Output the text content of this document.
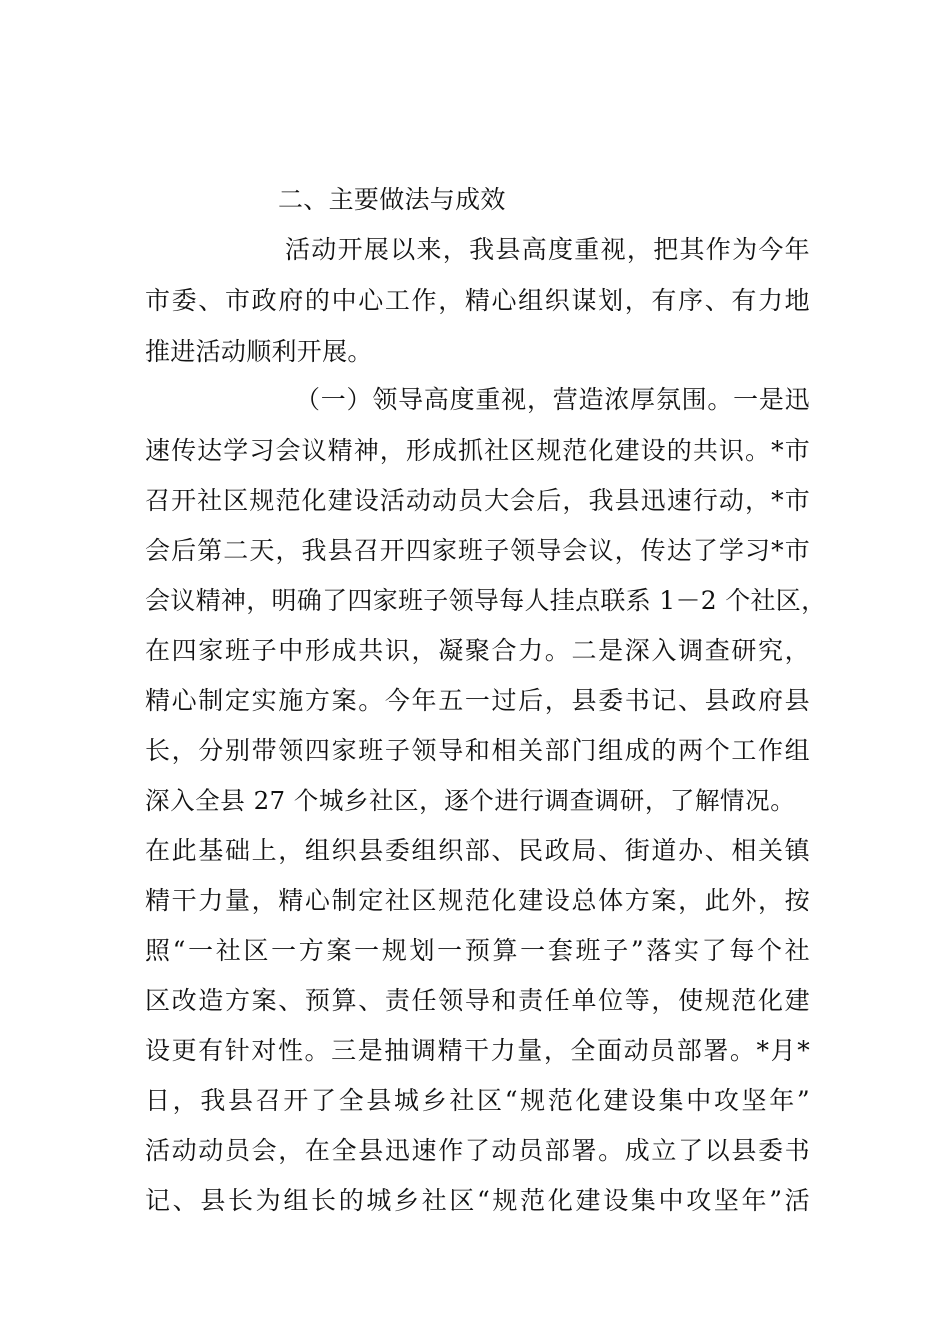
二、主要做法与成效
活动开展以来，我县高度重视，把其作为今年
市委、市政府的中心工作，精心组织谋划，有序、有力地
推进活动顺利开展。
（一）领导高度重视，营造浓厚氛围。一是迅
速传达学习会议精神，形成抓社区规范化建设的共识。*市
召开社区规范化建设活动动员大会后，我县迅速行动，*市
会后第二天，我县召开四家班子领导会议，传达了学习*市
会议精神，明确了四家班子领导每人挂点联系 1－2 个社区，
在四家班子中形成共识，凝聚合力。二是深入调查研究，
精心制定实施方案。今年五一过后，县委书记、县政府县
长，分别带领四家班子领导和相关部门组成的两个工作组
深入全县 27 个城乡社区，逐个进行调查调研，了解情况。
在此基础上，组织县委组织部、民政局、街道办、相关镇
精干力量，精心制定社区规范化建设总体方案，此外，按
照“一社区一方案一规划一预算一套班子”落实了每个社
区改造方案、预算、责任领导和责任单位等，使规范化建
设更有针对性。三是抽调精干力量，全面动员部署。*月*
日，我县召开了全县城乡社区“规范化建设集中攻坚年”
活动动员会，在全县迅速作了动员部署。成立了以县委书
记、县长为组长的城乡社区“规范化建设集中攻坚年”活
